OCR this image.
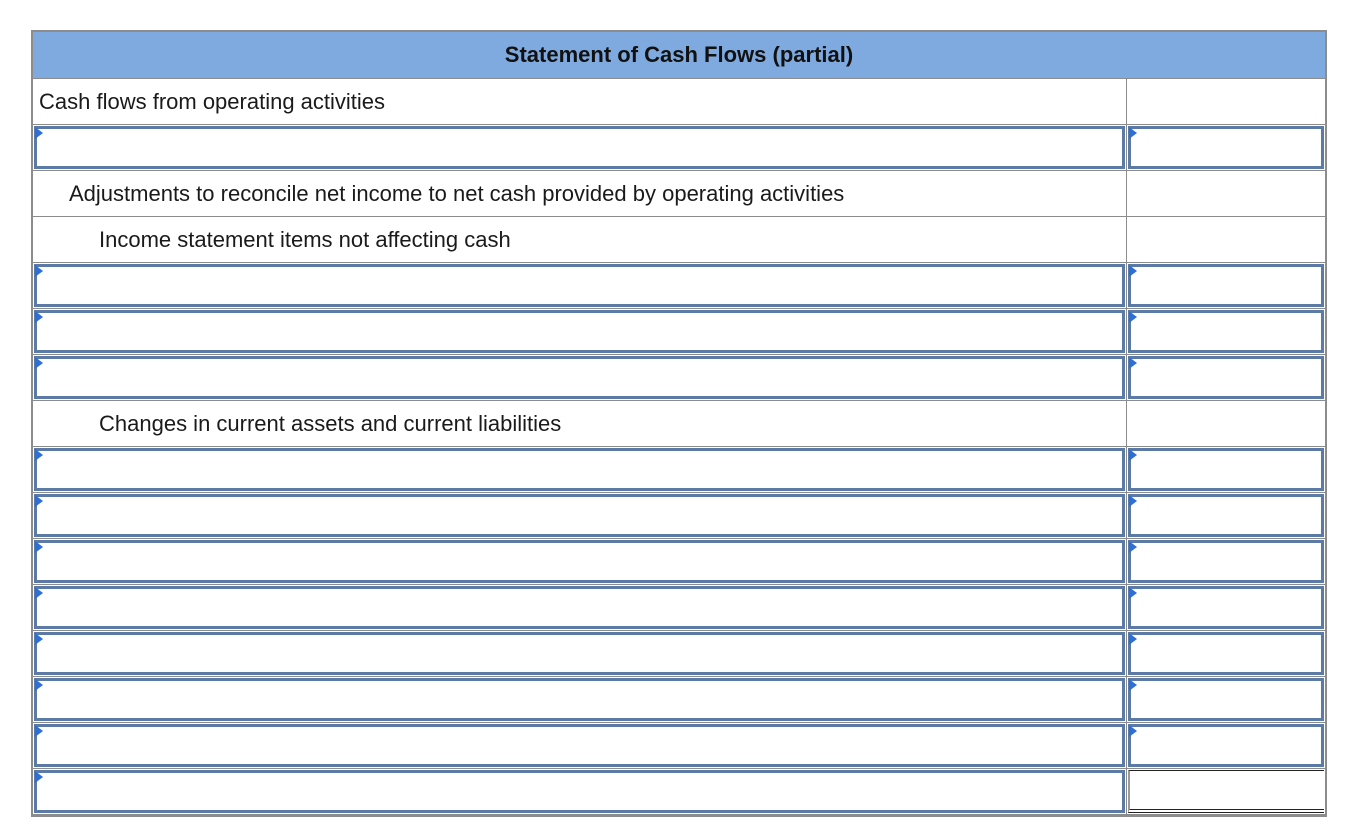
Statement of Cash Flows (partial)
Cash flows from operating activities
Adjustments to reconcile net income to net cash provided by operating activities
Income statement items not affecting cash
Changes in current assets and current liabilities
